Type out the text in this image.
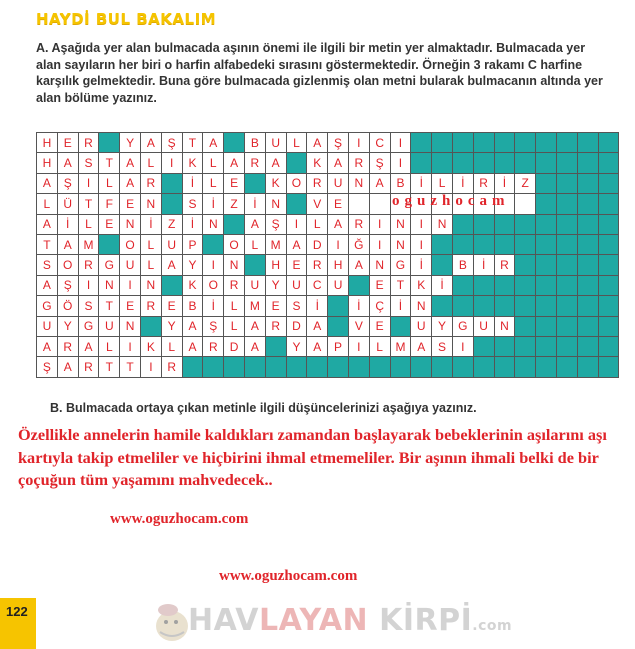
HAYDİ BUL BAKALIM
A. Aşağıda yer alan bulmacada aşının önemi ile ilgili bir metin yer almaktadır. Bulmacada yer alan sayıların her biri o harfin alfabedeki sırasını göstermektedir. Örneğin 3 rakamı C harfine karşılık gelmektedir. Buna göre bulmacada gizlenmiş olan metni bularak bulmacanın altında yer alan bölüme yazınız.
H	E	R		Y	A	Ş	T	A		B	U	L	A	Ş	I	C	I										
H	A	S	T	A	L	I	K	L	A	R	A		K	A	R	Ş	I										
A	Ş	I	L	A	R		İ	L	E		K	O	R	U	N	A	B	İ	L	İ	R	İ	Z				
L	Ü	T	F	E	N		S	İ	Z	İ	N		V	E													
A	İ	L	E	N	İ	Z	İ	N		A	Ş	I	L	A	R	I	N	I	N								
T	A	M		O	L	U	P		O	L	M	A	D	I	Ğ	I	N	I									
S	O	R	G	U	L	A	Y	I	N		H	E	R	H	A	N	G	İ		B	İ	R					
A	Ş	I	N	I	N		K	O	R	U	Y	U	C	U		E	T	K	İ								
G	Ö	S	T	E	R	E	B	İ	L	M	E	S	İ		İ	Ç	İ	N									
U	Y	G	U	N		Y	A	Ş	L	A	R	D	A		V	E		U	Y	G	U	N					
A	R	A	L	I	K	L	A	R	D	A		Y	A	P	I	L	M	A	S	I							
Ş	A	R	T	T	I	R																					
oguzhocam
B. Bulmacada ortaya çıkan metinle ilgili düşüncelerinizi aşağıya yazınız.
Özellikle annelerin hamile kaldıkları zamandan başlayarak bebeklerinin aşılarını aşı kartıyla takip etmeliler ve hiçbirini ihmal etmemeliler. Bir aşının ihmali belki de bir çoçuğun tüm yaşamını mahvedecek..
www.oguzhocam.com
www.oguzhocam.com
122	HAVLAYAN KİRPİ.com
